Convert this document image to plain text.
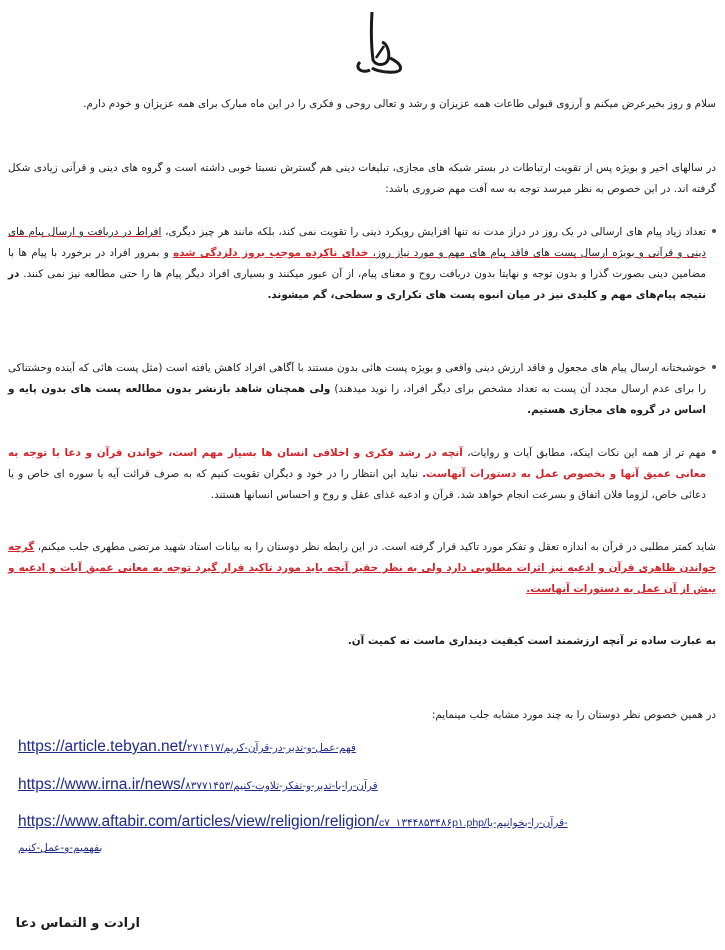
سلام و روز بخیرعرض میکنم و آرزوی قبولی طاعات همه عزیزان و رشد و تعالی روحی و فکری را در این ماه مبارک برای همه عزیزان و خودم دارم.

در سالهای اخیر و بویژه پس از تقویت ارتباطات در بستر شبکه های مجازی، تبلیغات دینی هم گسترش نسبتا خوبی داشته است و گروه های دینی و قرآنی زیادی شکل گرفته اند. در این خصوص به نظر میرسد توجه به سه آفت مهم ضروری باشد:

تعداد زیاد پیام های ارسالی در یک روز در دراز مدت نه تنها افزایش رویکرد دینی را تقویت نمی کند، بلکه مانند هر چیز دیگری، افراط در دریافت و ارسال پیام های دینی و قرآنی و بویژه ارسال پست های فاقد پیام های مهم و مورد نیاز روز، خدای ناکرده موجب بروز دلزدگی شده و بمرور افراد در برخورد با پیام ها با مضامین دینی بصورت گذرا و بدون توجه و نهایتا بدون دریافت روح و معنای پیام، از آن عبور میکنند و بسیاری افراد دیگر پیام ها را حتی مطالعه نیز نمی کنند. در نتیجه پیام‌های مهم و کلیدی نیز در میان انبوه پست های تکراری و سطحی، گم میشوند.
خوشبختانه ارسال پیام های مجعول و فاقد ارزش دینی واقعی و بویژه پست هائی بدون مستند با آگاهی افراد کاهش یافته است (مثل پست هائی که آینده وحشتناکی را برای عدم ارسال مجدد آن پست به تعداد مشخص برای دیگر افراد، را نوید میدهند) ولی همچنان شاهد بازنشر بدون مطالعه پست های بدون پایه و اساس در گروه های مجازی هستیم.
مهم تر از همه این نکات اینکه، مطابق آیات و روایات، آنچه در رشد فکری و اخلاقی انسان ها بسیار مهم است، خواندن قرآن و دعا با توجه به معانی عمیق آنها و بخصوص عمل به دستورات آنهاست. نباید این انتظار را در خود و دیگران تقویت کنیم که به صرف قرائت آیه یا سوره ای خاص و یا دعائی خاص، لزوما فلان اتفاق و بسرعت انجام خواهد شد. قرآن و ادعیه غذای عقل و روح و احساس انسانها هستند.
شاید کمتر مطلبی در قرآن به اندازه تعقل و تفکر مورد تاکید قرار گرفته است. در این رابطه نظر دوستان را به بیانات استاد شهید مرتضی مطهری جلب میکنم، گرچه خواندن ظاهری قرآن و ادعیه نیز اثرات مطلوبی دارد ولی به نظر حقیر آنچه باید مورد تاکید قرار گیرد توجه به معانی عمیق آیات و ادعیه و بیش از آن عمل به دستورات آنهاست.

به عبارت ساده تر آنچه ارزشمند است کیفیت دینداری ماست نه کمیت آن.

در همین خصوص نظر دوستان را به چند مورد مشابه جلب مینمایم:

https://article.tebyan.net/۲۷۱۴۱۷/فهم-عمل-و-تدبر-در-قرآن-کریم
https://www.irna.ir/news/۸۳۷۷۱۴۵۳/قرآن-را-با-تدبر-و-تفکر-تلاوت-کنیم
https://www.aftabir.com/articles/view/religion/religion/c۷_۱۳۴۴۸۵۳۴۸۶p۱.php/قرآن-را-بخوانیم-یا-
بفهمیم-و-عمل-کنیم
ارادت و التماس دعا
